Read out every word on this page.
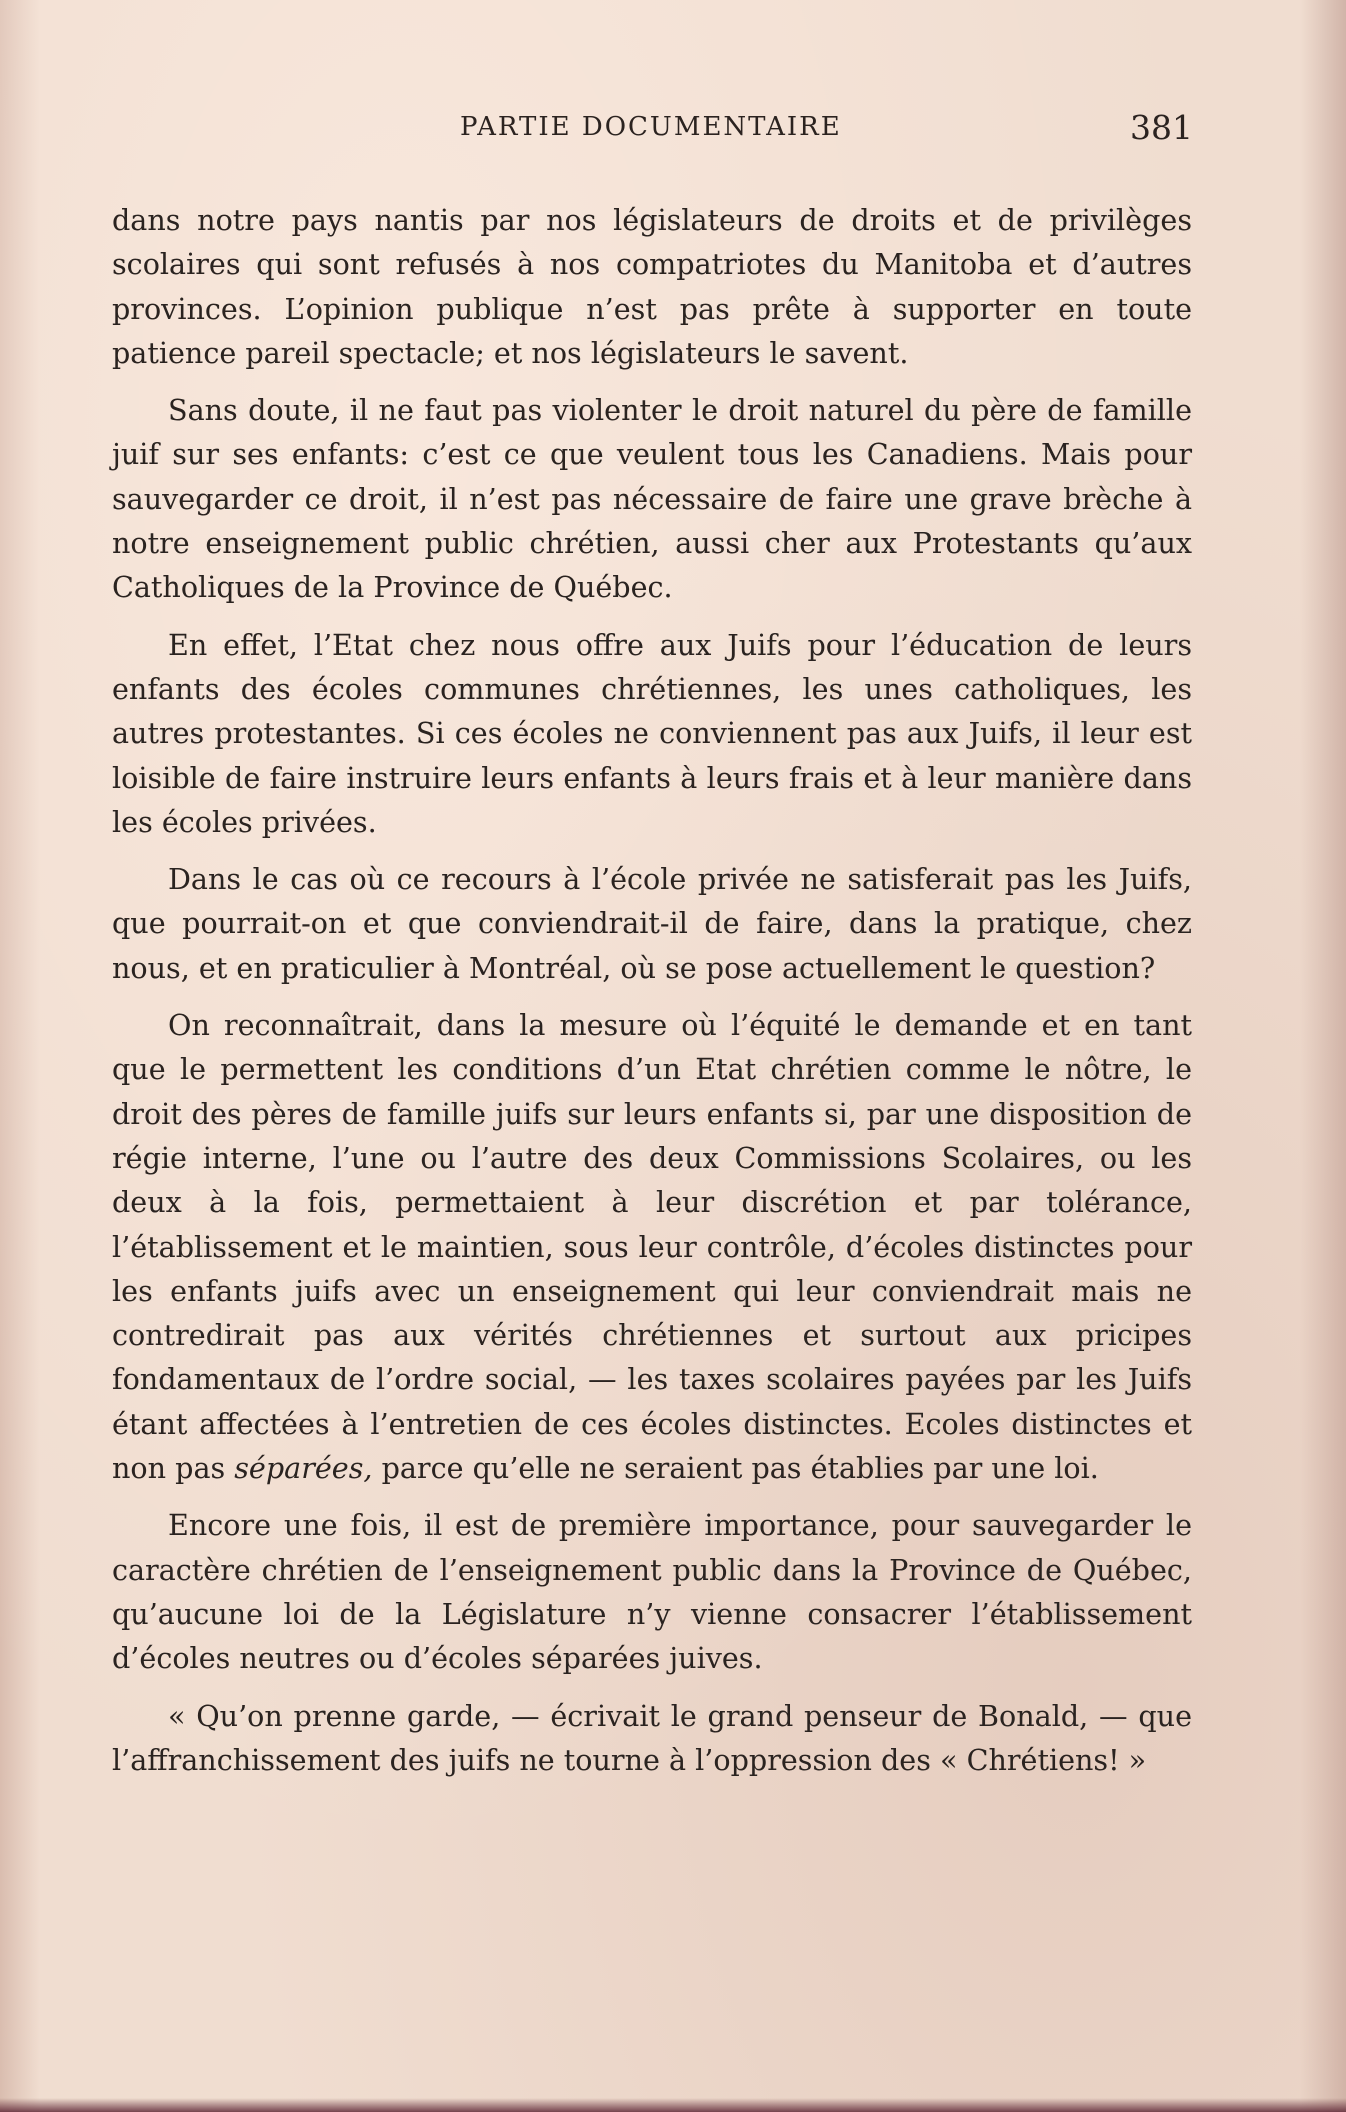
PARTIE DOCUMENTAIRE	381

dans notre pays nantis par nos législateurs de droits et de privilèges scolaires qui sont refusés à nos compatriotes du Manitoba et d’autres provinces. L’opinion publique n’est pas prête à supporter en toute patience pareil spectacle; et nos législateurs le savent.

Sans doute, il ne faut pas violenter le droit naturel du père de famille juif sur ses enfants: c’est ce que veulent tous les Canadiens. Mais pour sauvegarder ce droit, il n’est pas nécessaire de faire une grave brèche à notre enseignement public chrétien, aussi cher aux Protestants qu’aux Catholiques de la Province de Québec.

En effet, l’Etat chez nous offre aux Juifs pour l’éducation de leurs enfants des écoles communes chrétiennes, les unes catholiques, les autres protestantes. Si ces écoles ne conviennent pas aux Juifs, il leur est loisible de faire instruire leurs enfants à leurs frais et à leur manière dans les écoles privées.

Dans le cas où ce recours à l’école privée ne satisferait pas les Juifs, que pourrait-on et que conviendrait-il de faire, dans la pratique, chez nous, et en praticulier à Montréal, où se pose actuellement le question?

On reconnaîtrait, dans la mesure où l’équité le demande et en tant que le permettent les conditions d’un Etat chrétien comme le nôtre, le droit des pères de famille juifs sur leurs enfants si, par une disposition de régie interne, l’une ou l’autre des deux Commissions Scolaires, ou les deux à la fois, permettaient à leur discrétion et par tolérance, l’établissement et le maintien, sous leur contrôle, d’écoles distinctes pour les enfants juifs avec un enseignement qui leur conviendrait mais ne contredirait pas aux vérités chrétiennes et surtout aux pricipes fondamentaux de l’ordre social, — les taxes scolaires payées par les Juifs étant affectées à l’entretien de ces écoles distinctes. Ecoles distinctes et non pas séparées, parce qu’elle ne seraient pas établies par une loi.

Encore une fois, il est de première importance, pour sauvegarder le caractère chrétien de l’enseignement public dans la Province de Québec, qu’aucune loi de la Législature n’y vienne consacrer l’établissement d’écoles neutres ou d’écoles séparées juives.

« Qu’on prenne garde, — écrivait le grand penseur de Bonald, — que l’affranchissement des juifs ne tourne à l’oppression des « Chrétiens! »
